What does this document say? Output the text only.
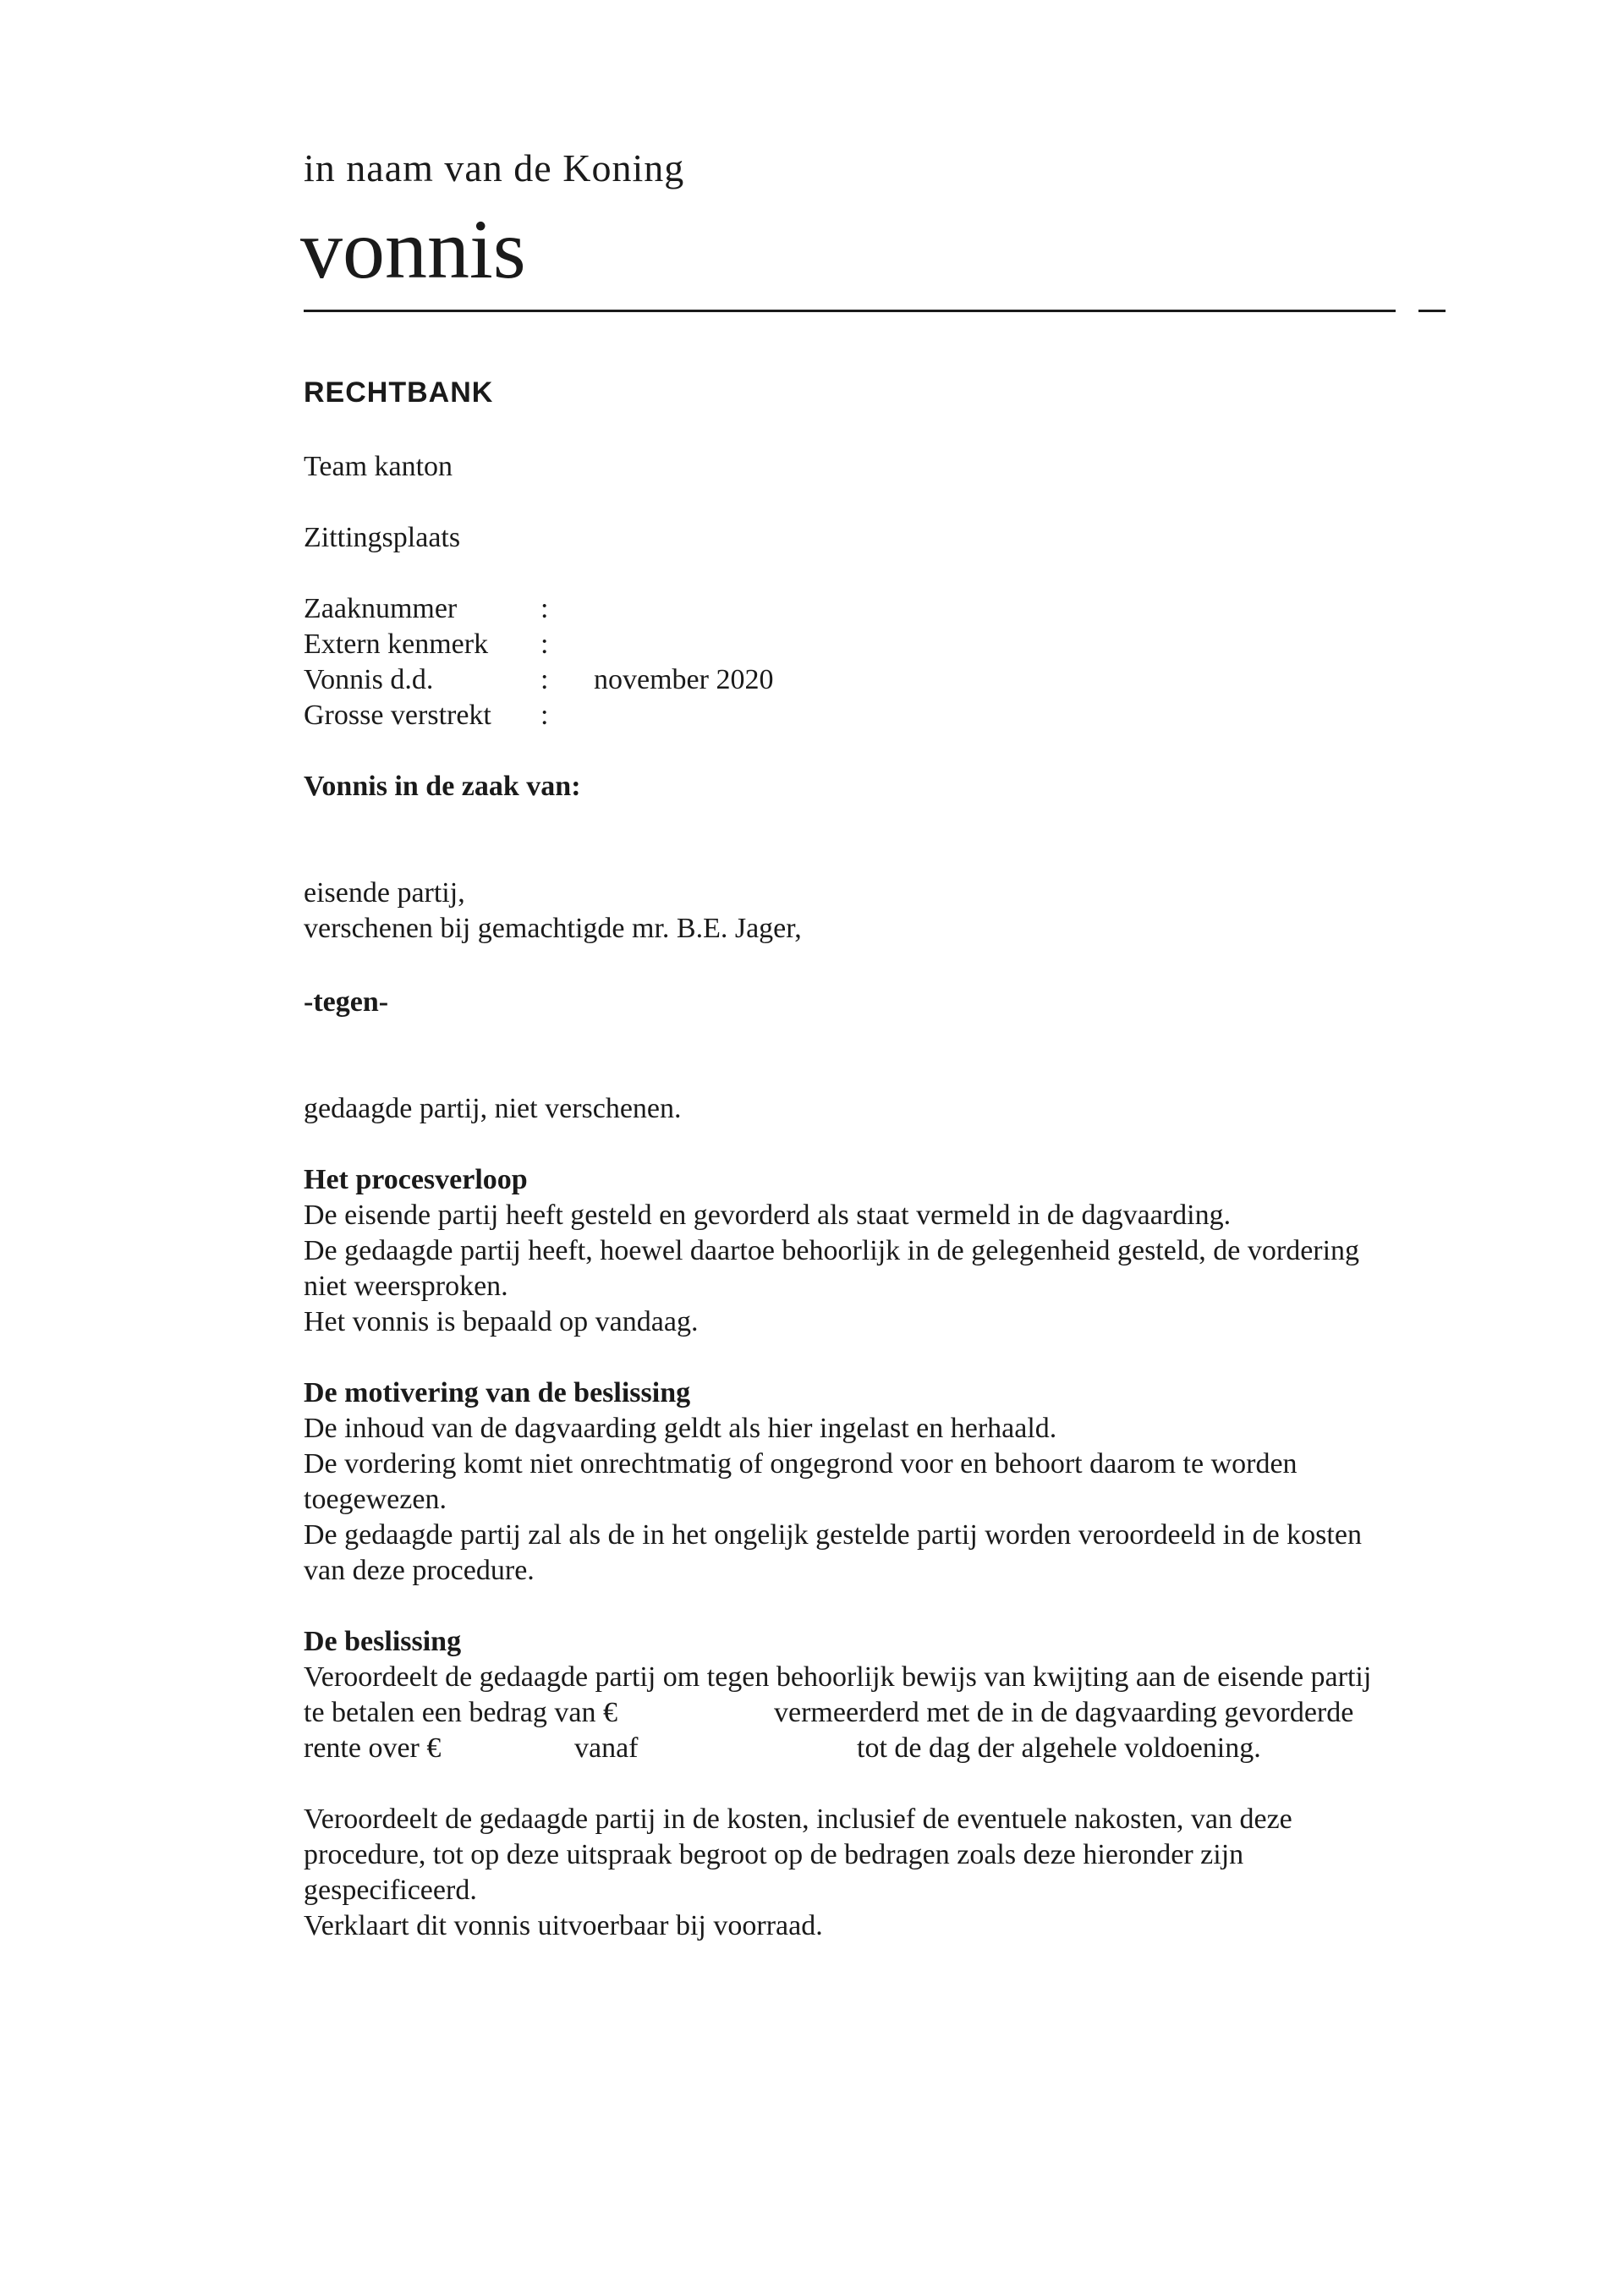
in naam van de Koning
vonnis
RECHTBANK
Team kanton
Zittingsplaats
Zaaknummer	:
Extern kenmerk	:
Vonnis d.d.	:	november 2020
Grosse verstrekt	:
Vonnis in de zaak van:
eisende partij,
verschenen bij gemachtigde mr. B.E. Jager,
-tegen-
gedaagde partij, niet verschenen.

Het procesverloop

De eisende partij heeft gesteld en gevorderd als staat vermeld in de dagvaarding.

De gedaagde partij heeft, hoewel daartoe behoorlijk in de gelegenheid gesteld, de vordering

niet weersproken.

Het vonnis is bepaald op vandaag.

De motivering van de beslissing

De inhoud van de dagvaarding geldt als hier ingelast en herhaald.

De vordering komt niet onrechtmatig of ongegrond voor en behoort daarom te worden

toegewezen.

De gedaagde partij zal als de in het ongelijk gestelde partij worden veroordeeld in de kosten

van deze procedure.

De beslissing

Veroordeelt de gedaagde partij om tegen behoorlijk bewijs van kwijting aan de eisende partij

te betalen een bedrag van €	vermeerderd met de in de dagvaarding gevorderde
rente over €	vanaf	tot de dag der algehele voldoening.

Veroordeelt de gedaagde partij in de kosten, inclusief de eventuele nakosten, van deze

procedure, tot op deze uitspraak begroot op de bedragen zoals deze hieronder zijn

gespecificeerd.

Verklaart dit vonnis uitvoerbaar bij voorraad.
